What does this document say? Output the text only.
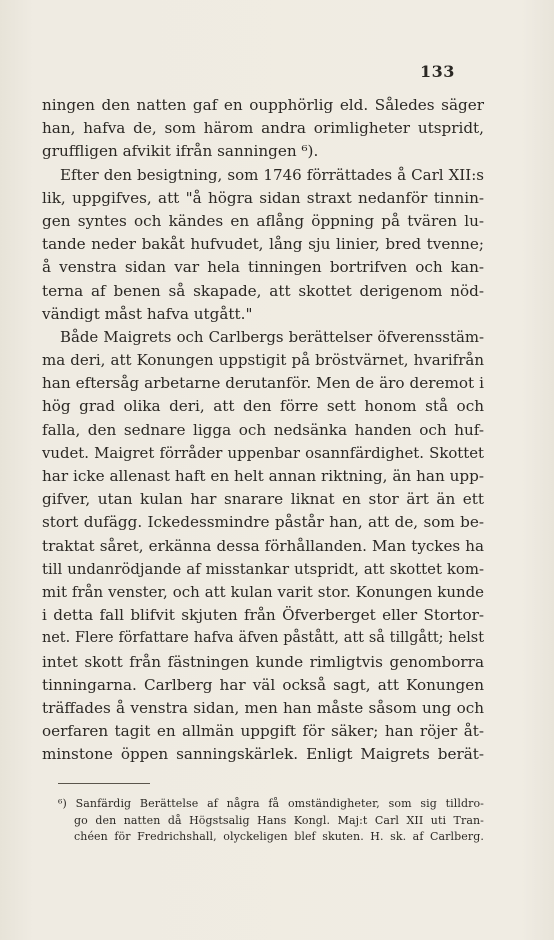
133
ningen den natten gaf en oupphörlig eld. Således säger
han, hafva de, som härom andra orimligheter utspridt,
gruffligen afvikit ifrån sanningen ⁶).
Efter den besigtning, som 1746 förrättades å Carl XII:s
lik, uppgifves, att "å högra sidan straxt nedanför tinnin-
gen syntes och kändes en aflång öppning på tvären lu-
tande neder bakåt hufvudet, lång sju linier, bred tvenne;
å venstra sidan var hela tinningen bortrifven och kan-
terna af benen så skapade, att skottet derigenom nöd-
vändigt måst hafva utgått."
Både Maigrets och Carlbergs berättelser öfverensstäm-
ma deri, att Konungen uppstigit på bröstvärnet, hvarifrån
han eftersåg arbetarne derutanför. Men de äro deremot i
hög grad olika deri, att den förre sett honom stå och
falla, den sednare ligga och nedsänka handen och huf-
vudet. Maigret förråder uppenbar osannfärdighet. Skottet
har icke allenast haft en helt annan riktning, än han upp-
gifver, utan kulan har snarare liknat en stor ärt än ett
stort dufägg. Ickedessmindre påstår han, att de, som be-
traktat såret, erkänna dessa förhållanden. Man tyckes ha
till undanrödjande af misstankar utspridt, att skottet kom-
mit från venster, och att kulan varit stor. Konungen kunde
i detta fall blifvit skjuten från Öfverberget eller Stortor-
net. Flere författare hafva äfven påstått, att så tillgått; helst
intet skott från fästningen kunde rimligtvis genomborra
tinningarna. Carlberg har väl också sagt, att Konungen
träffades å venstra sidan, men han måste såsom ung och
oerfaren tagit en allmän uppgift för säker; han röjer åt-
minstone öppen sanningskärlek. Enligt Maigrets berät-
⁶) Sanfärdig Berättelse af några få omständigheter, som sig tilldro-
go den natten då Högstsalig Hans Kongl. Maj:t Carl XII uti Tran-
chéen för Fredrichshall, olyckeligen blef skuten. H. sk. af Carlberg.
